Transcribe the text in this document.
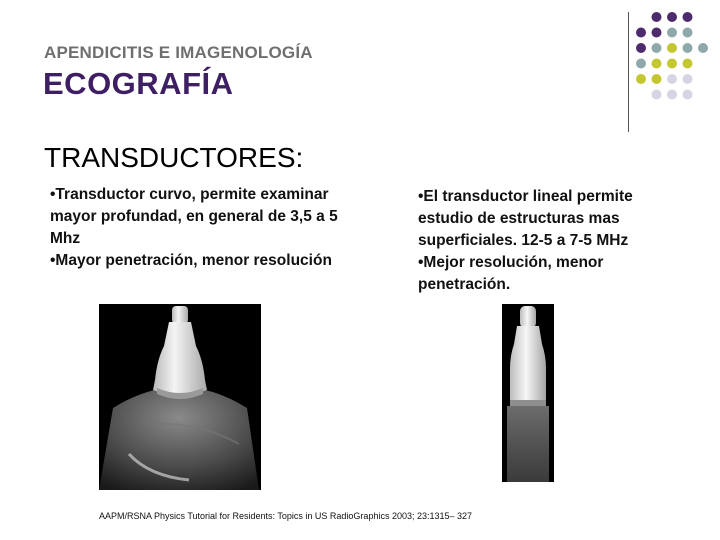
APENDICITIS E IMAGENOLOGÍA
ECOGRAFÍA
TRANSDUCTORES:

•Transductor curvo, permite examinar mayor profundad, en general de 3,5 a 5 Mhz

•Mayor penetración, menor resolución

•El transductor lineal permite estudio de estructuras mas superficiales. 12-5 a 7-5 MHz

•Mejor resolución, menor penetración.

AAPM/RSNA Physics Tutorial for Residents: Topics in US RadioGraphics 2003; 23:1315– 327
